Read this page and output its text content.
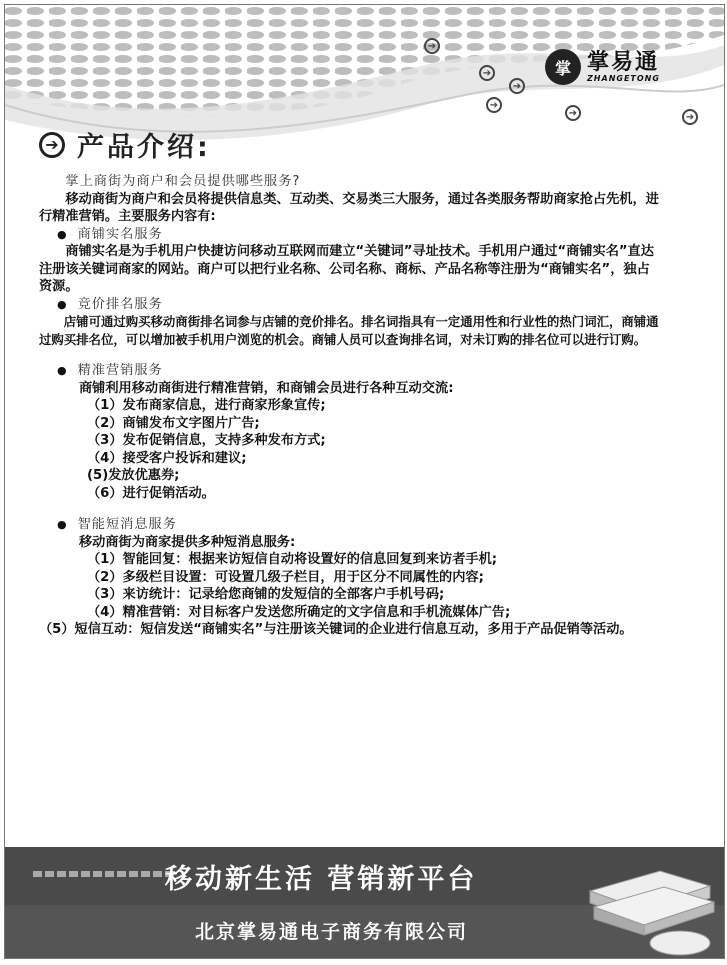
➔
➔
➔
➔
➔	➔
掌 掌易通
ZHANGETONG
➔ 产品介绍:

掌上商街为商户和会员提供哪些服务?

移动商街为商户和会员将提供信息类、互动类、交易类三大服务，通过各类服务帮助商家抢占先机，进行精准营销。主要服务内容有:

● 商铺实名服务

商铺实名是为手机用户快捷访问移动互联网而建立“关键词”寻址技术。手机用户通过“商铺实名”直达注册该关键词商家的网站。商户可以把行业名称、公司名称、商标、产品名称等注册为“商铺实名”，独占资源。

● 竞价排名服务

店铺可通过购买移动商街排名词参与店铺的竞价排名。排名词指具有一定通用性和行业性的热门词汇，商铺通过购买排名位，可以增加被手机用户浏览的机会。商铺人员可以查询排名词，对未订购的排名位可以进行订购。

● 精准营销服务

商铺利用移动商街进行精准营销，和商铺会员进行各种互动交流:

（1）发布商家信息，进行商家形象宣传;

（2）商铺发布文字图片广告;

（3）发布促销信息，支持多种发布方式;

（4）接受客户投诉和建议;

(5)发放优惠券;

（6）进行促销活动。

● 智能短消息服务

移动商街为商家提供多种短消息服务:

（1）智能回复：根据来访短信自动将设置好的信息回复到来访者手机;

（2）多级栏目设置：可设置几级子栏目，用于区分不同属性的内容;

（3）来访统计：记录给您商铺的发短信的全部客户手机号码;

（4）精准营销：对目标客户发送您所确定的文字信息和手机流媒体广告;

（5）短信互动：短信发送“商铺实名”与注册该关键词的企业进行信息互动，多用于产品促销等活动。

移动新生活 营销新平台
北京掌易通电子商务有限公司
